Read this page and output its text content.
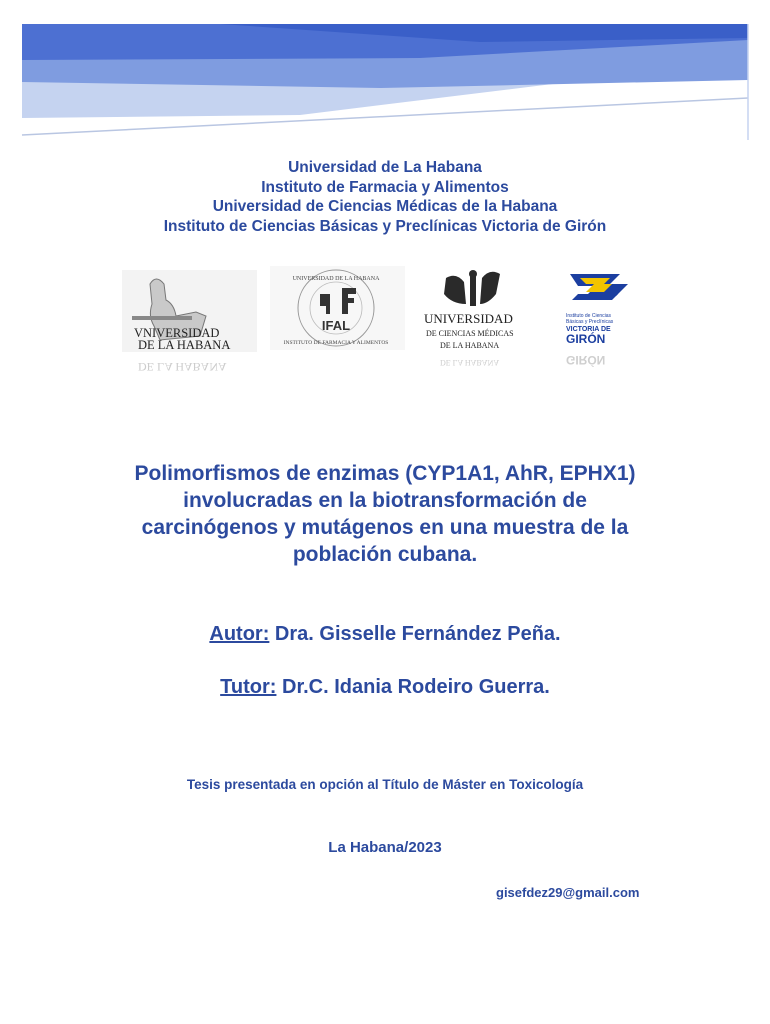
Universidad de La Habana
Instituto de Farmacia y Alimentos
Universidad de Ciencias Médicas de la Habana
Instituto de Ciencias Básicas y Preclínicas Victoria de Girón
VNIVERSIDAD
DE LA HABANA
DE LA HABANA
IFAL
UNIVERSIDAD DE LA HABANA
INSTITUTO DE FARMACIA Y ALIMENTOS
UNIVERSIDAD
DE CIENCIAS MÉDICAS
DE LA HABANA
DE LA HABANA
Instituto de Ciencias
Básicas y Preclínicas
VICTORIA DE
GIRÓN
GIRÓN
Polimorfismos de enzimas (CYP1A1, AhR, EPHX1)
involucradas en la biotransformación de
carcinógenos y mutágenos en una muestra de la
población cubana.
Autor: Dra. Gisselle Fernández Peña.
Tutor: Dr.C. Idania Rodeiro Guerra.
Tesis presentada en opción al Título de Máster en Toxicología
La Habana/2023
gisefdez29@gmail.com
